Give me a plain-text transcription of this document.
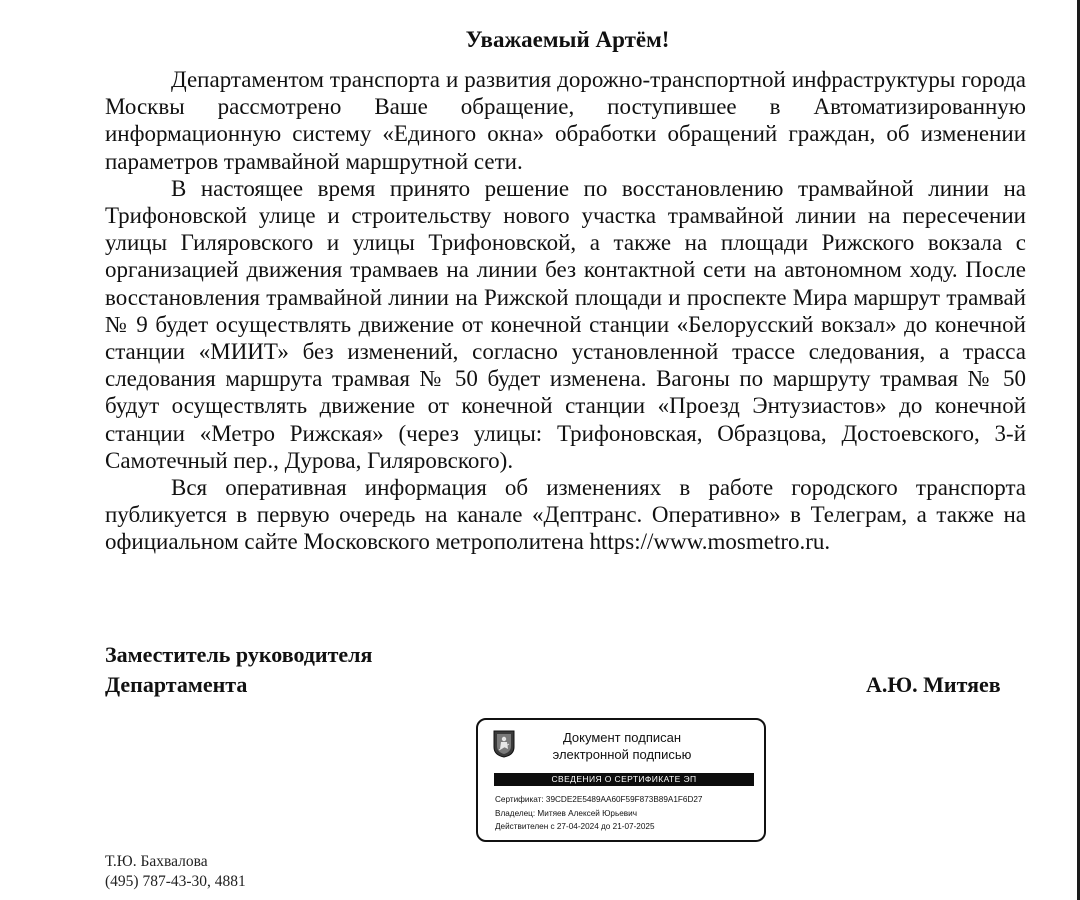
Уважаемый Артём!

Департаментом транспорта и развития дорожно-транспортной инфраструктуры города Москвы рассмотрено Ваше обращение, поступившее в Автоматизированную информационную систему «Единого окна» обработки обращений граждан, об изменении параметров трамвайной маршрутной сети.

В настоящее время принято решение по восстановлению трамвайной линии на Трифоновской улице и строительству нового участка трамвайной линии на пересечении улицы Гиляровского и улицы Трифоновской, а также на площади Рижского вокзала с организацией движения трамваев на линии без контактной сети на автономном ходу. После восстановления трамвайной линии на Рижской площади и проспекте Мира маршрут трамвай № 9 будет осуществлять движение от конечной станции «Белорусский вокзал» до конечной станции «МИИТ» без изменений, согласно установленной трассе следования, а трасса следования маршрута трамвая № 50 будет изменена. Вагоны по маршруту трамвая № 50 будут осуществлять движение от конечной станции «Проезд Энтузиастов» до конечной станции «Метро Рижская» (через улицы: Трифоновская, Образцова, Достоевского, 3-й Самотечный пер., Дурова, Гиляровского).

Вся оперативная информация об изменениях в работе городского транспорта публикуется в первую очередь на канале «Дептранс. Оперативно» в Телеграм, а также на официальном сайте Московского метрополитена https://www.mosmetro.ru.

Заместитель руководителя
Департамента	А.Ю. Митяев
Документ подписан
электронной подписью
СВЕДЕНИЯ О СЕРТИФИКАТЕ ЭП
Сертификат: 39CDE2E5489AA60F59F873B89A1F6D27
Владелец: Митяев Алексей Юрьевич
Действителен с 27-04-2024 до 21-07-2025
Т.Ю. Бахвалова
(495) 787-43-30, 4881
